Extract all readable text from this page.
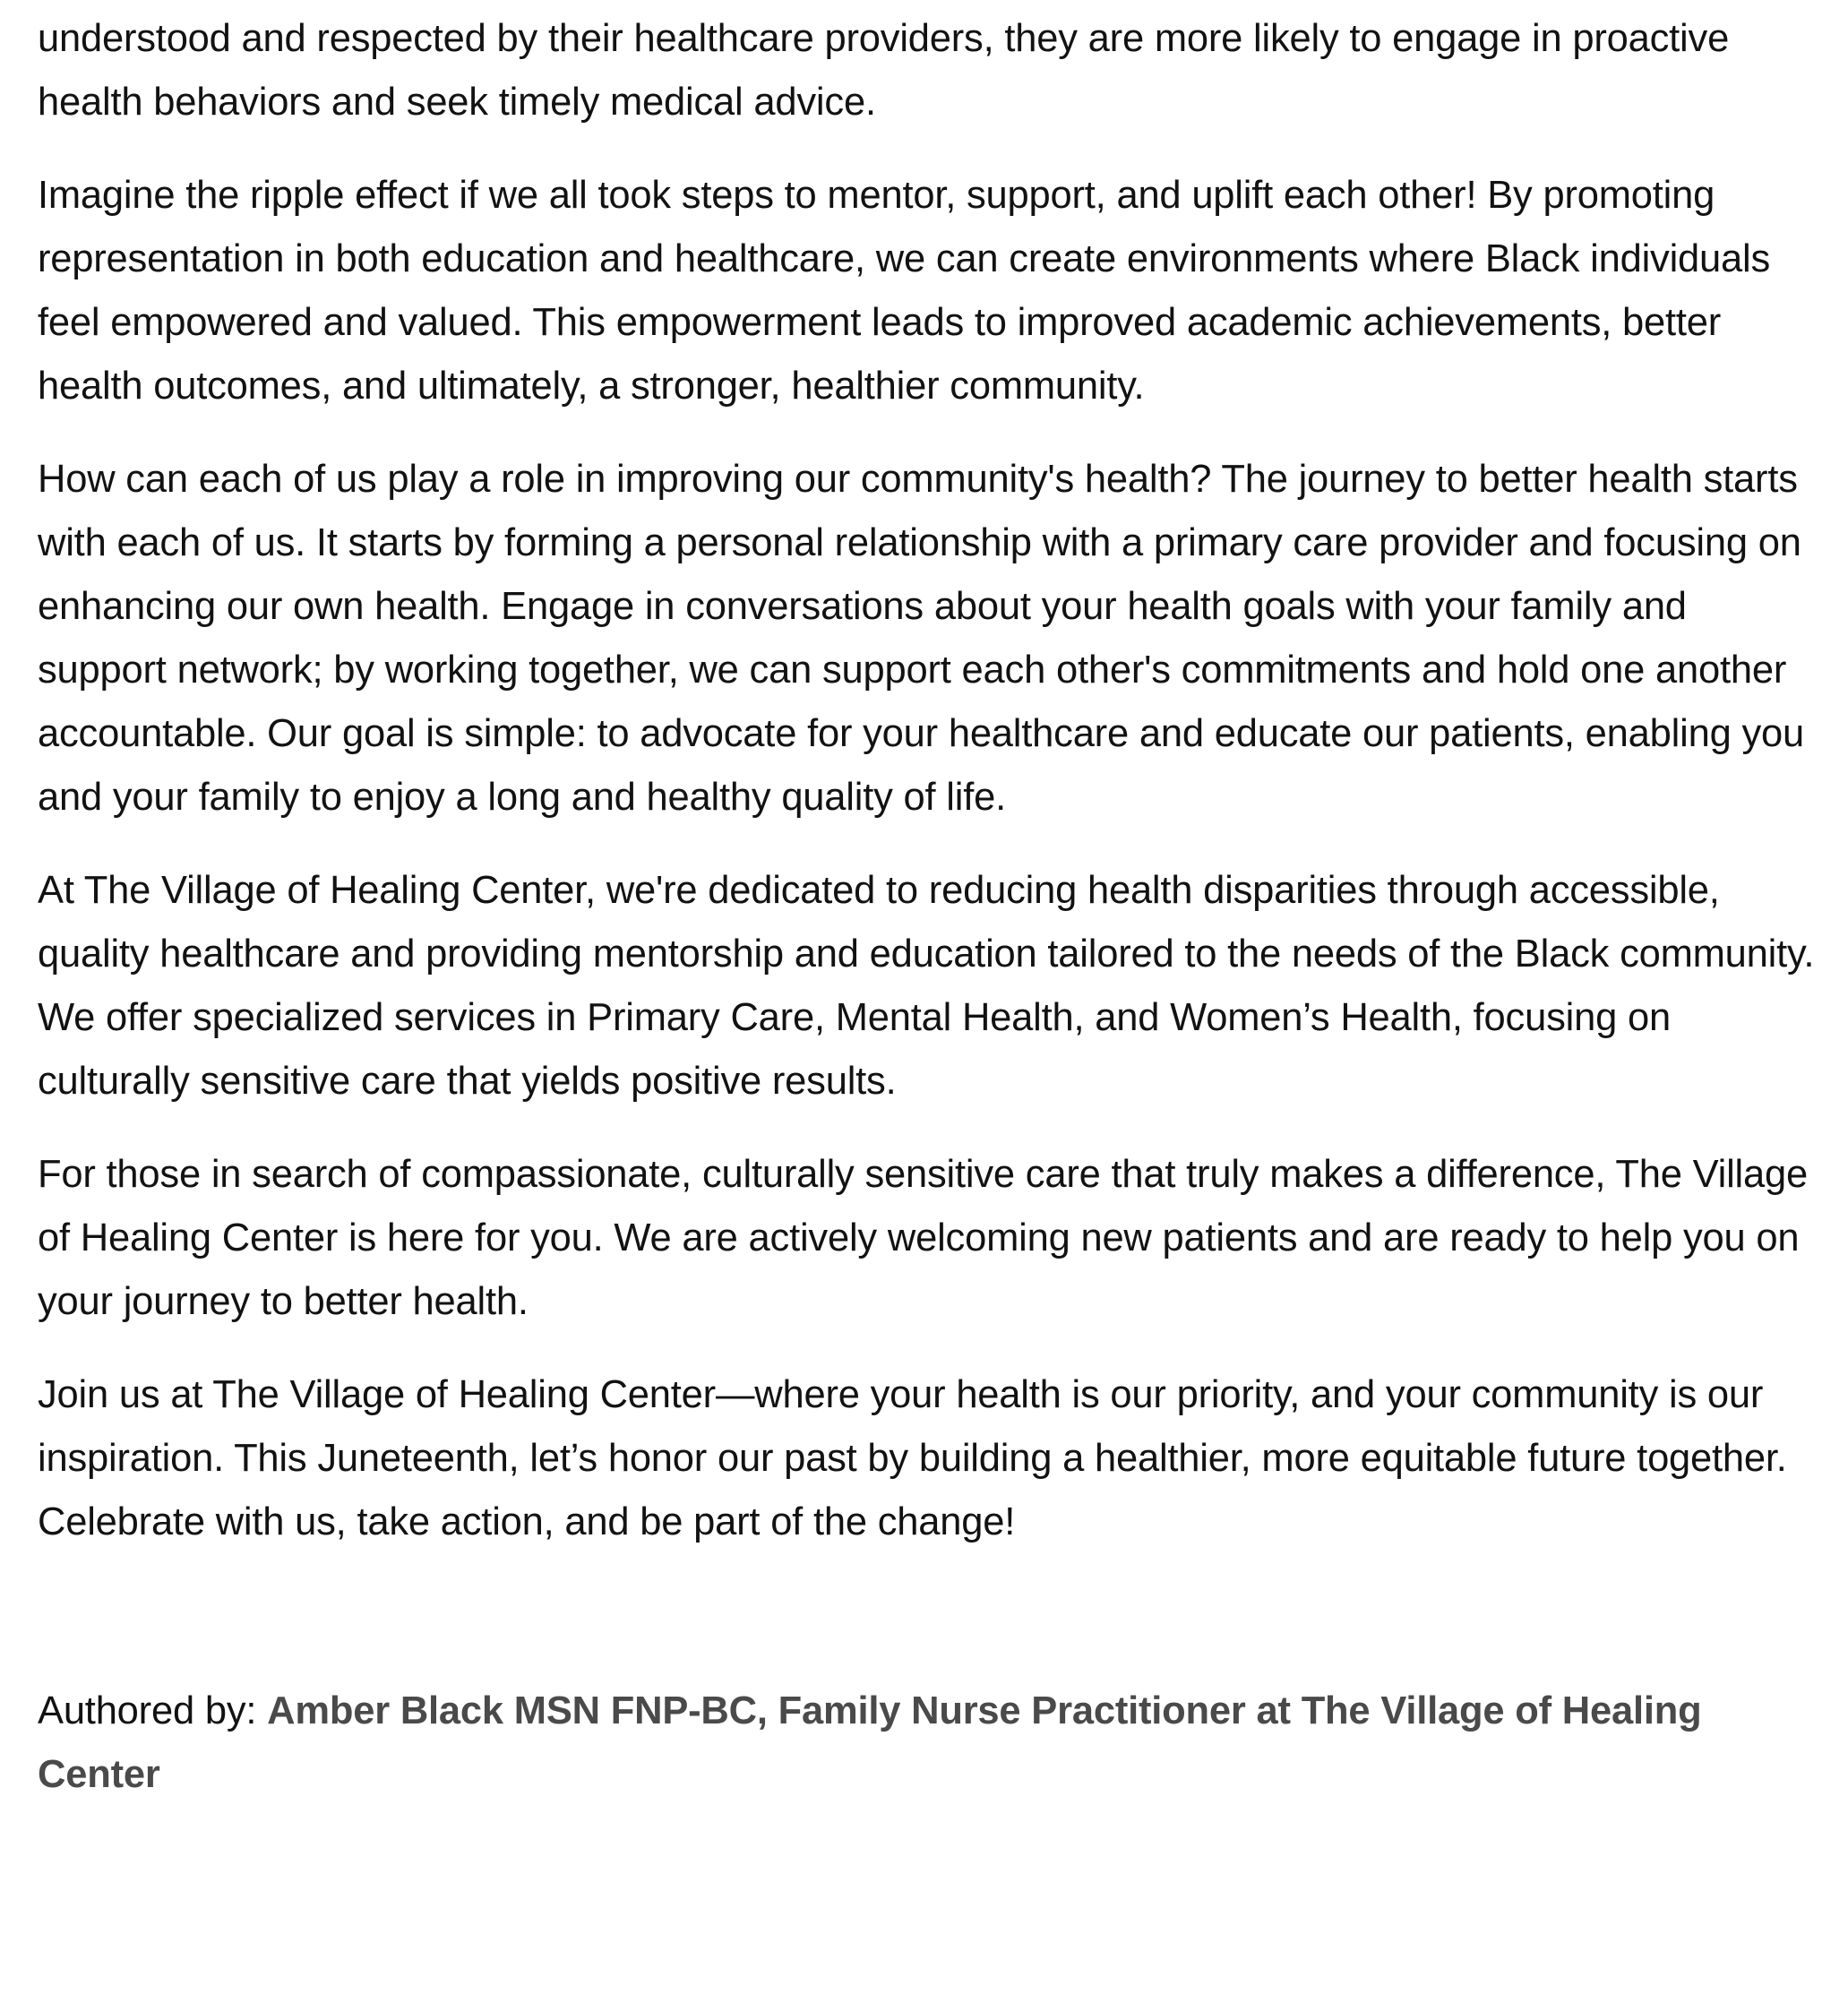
understood and respected by their healthcare providers, they are more likely to engage in proactive health behaviors and seek timely medical advice.

Imagine the ripple effect if we all took steps to mentor, support, and uplift each other! By promoting representation in both education and healthcare, we can create environments where Black individuals feel empowered and valued. This empowerment leads to improved academic achievements, better health outcomes, and ultimately, a stronger, healthier community.

How can each of us play a role in improving our community's health? The journey to better health starts with each of us. It starts by forming a personal relationship with a primary care provider and focusing on enhancing our own health. Engage in conversations about your health goals with your family and support network; by working together, we can support each other's commitments and hold one another accountable. Our goal is simple: to advocate for your healthcare and educate our patients, enabling you and your family to enjoy a long and healthy quality of life.

At The Village of Healing Center, we're dedicated to reducing health disparities through accessible, quality healthcare and providing mentorship and education tailored to the needs of the Black community. We offer specialized services in Primary Care, Mental Health, and Women’s Health, focusing on culturally sensitive care that yields positive results.

For those in search of compassionate, culturally sensitive care that truly makes a difference, The Village of Healing Center is here for you. We are actively welcoming new patients and are ready to help you on your journey to better health.

Join us at The Village of Healing Center—where your health is our priority, and your community is our inspiration. This Juneteenth, let’s honor our past by building a healthier, more equitable future together. Celebrate with us, take action, and be part of the change!

Authored by: Amber Black MSN FNP-BC, Family Nurse Practitioner at The Village of Healing Center
